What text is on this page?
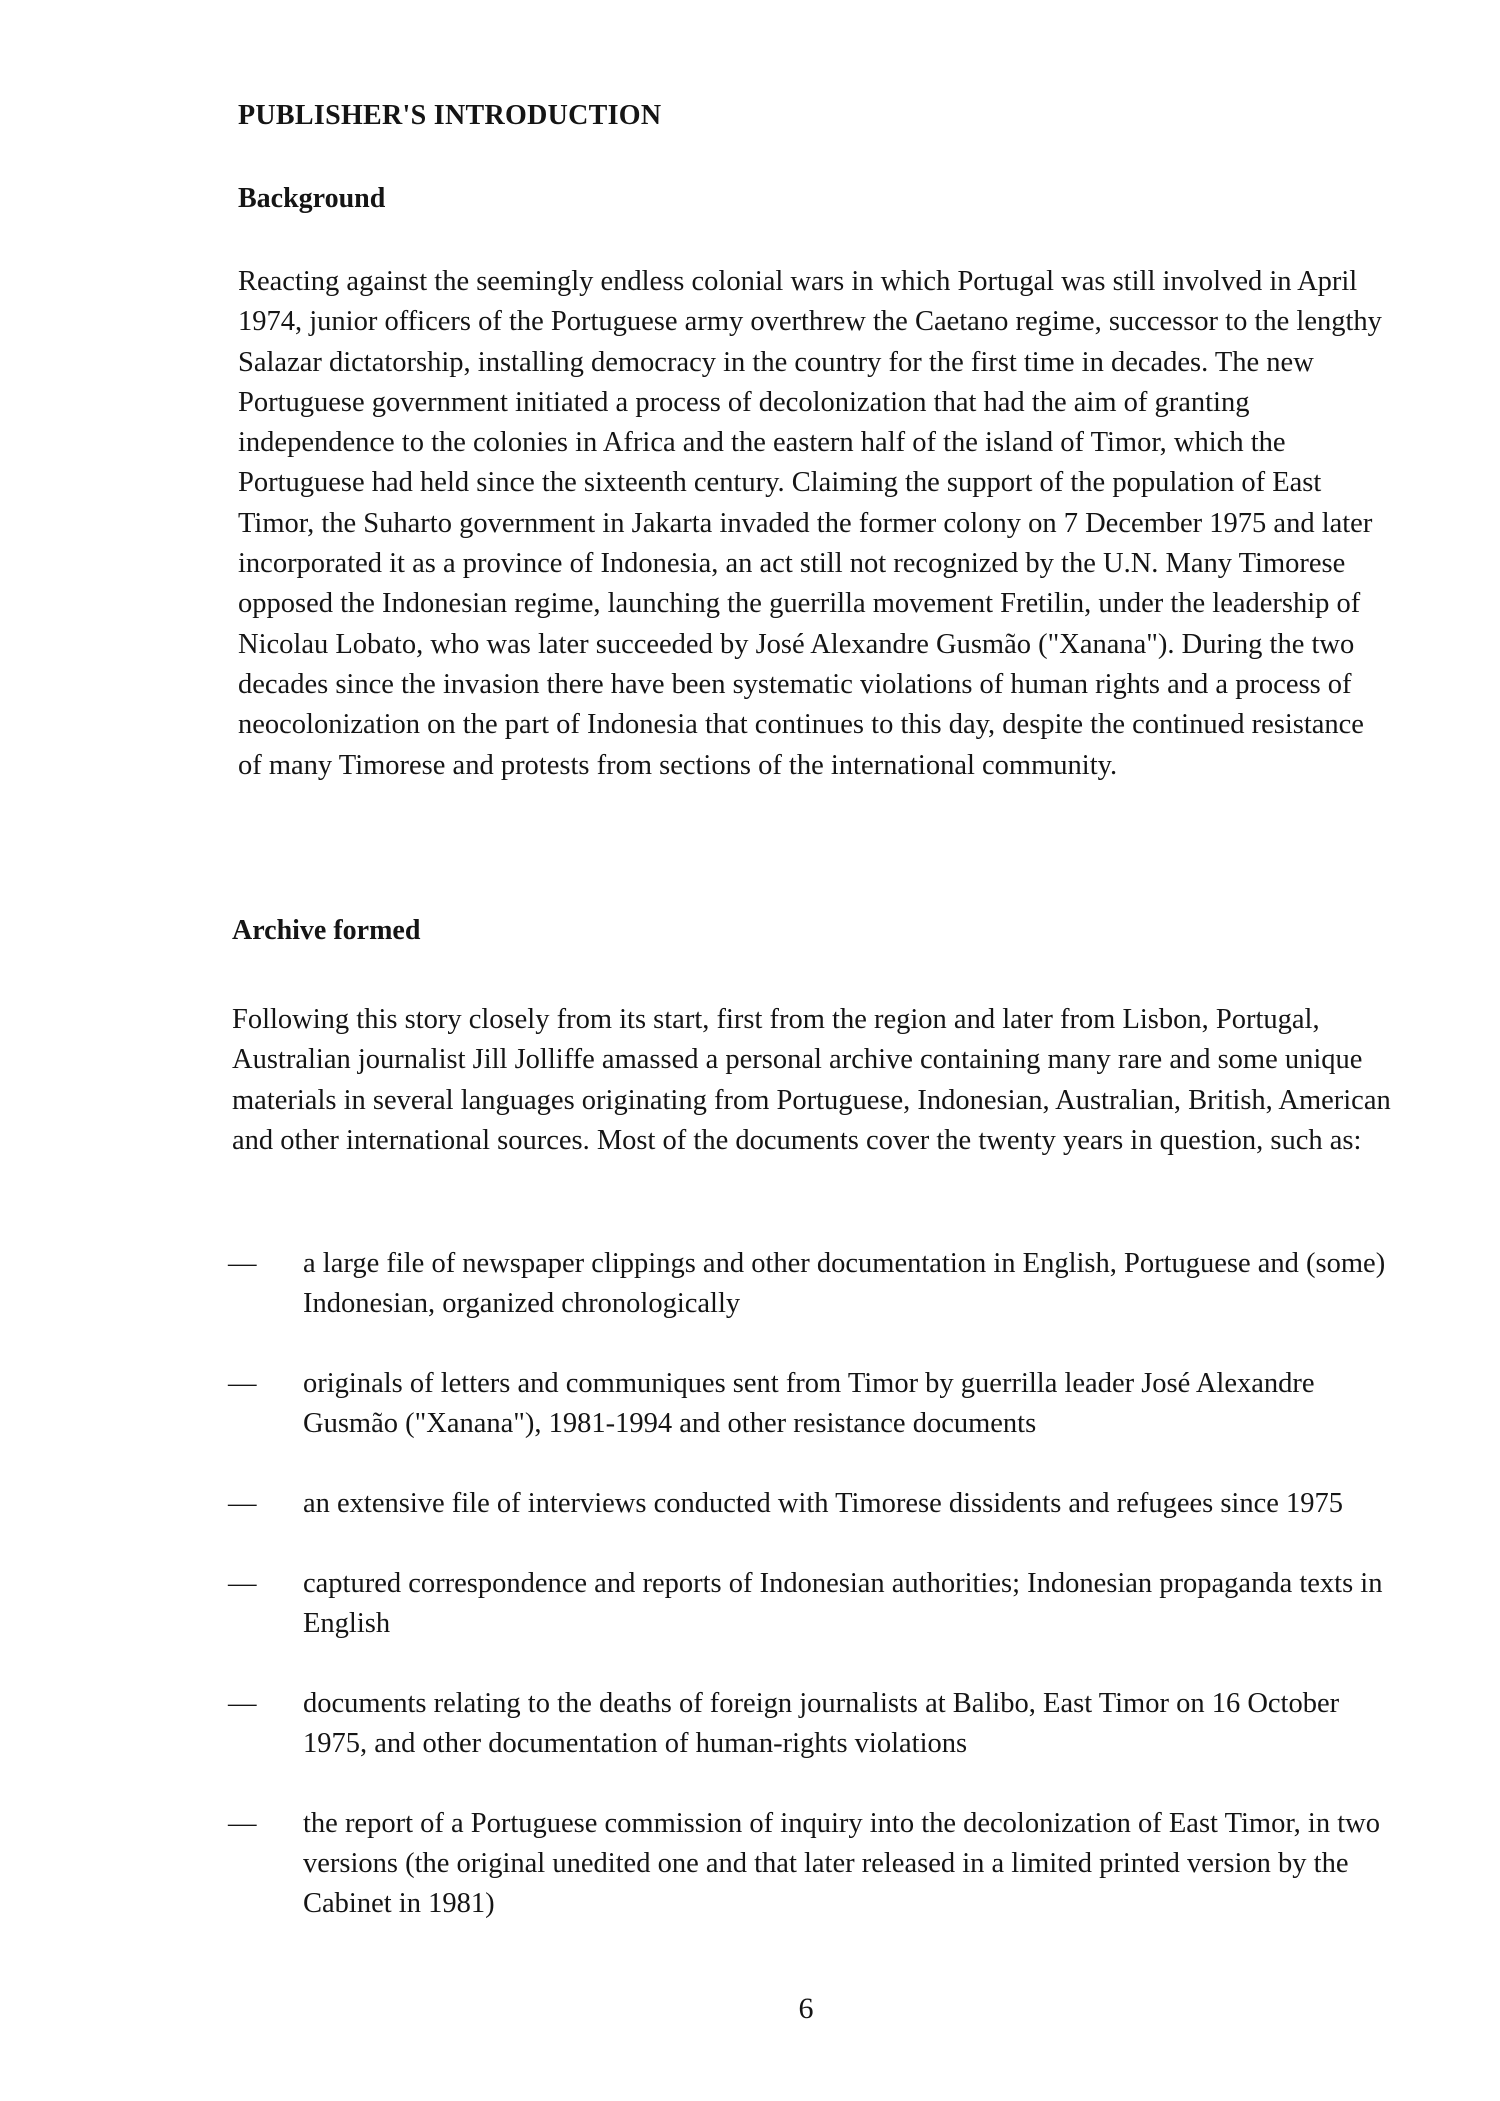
PUBLISHER'S INTRODUCTION
Background

Reacting against the seemingly endless colonial wars in which Portugal was still involved in April 1974, junior officers of the Portuguese army overthrew the Caetano regime, successor to the lengthy Salazar dictatorship, installing democracy in the country for the first time in decades. The new Portuguese government initiated a process of decolonization that had the aim of granting independence to the colonies in Africa and the eastern half of the island of Timor, which the Portuguese had held since the sixteenth century. Claiming the support of the population of East Timor, the Suharto government in Jakarta invaded the former colony on 7 December 1975 and later incorporated it as a province of Indonesia, an act still not recognized by the U.N. Many Timorese opposed the Indonesian regime, launching the guerrilla movement Fretilin, under the leadership of Nicolau Lobato, who was later succeeded by José Alexandre Gusmão ("Xanana"). During the two decades since the invasion there have been systematic violations of human rights and a process of neocolonization on the part of Indonesia that continues to this day, despite the continued resistance of many Timorese and protests from sections of the international community.

Archive formed

Following this story closely from its start, first from the region and later from Lisbon, Portugal, Australian journalist Jill Jolliffe amassed a personal archive containing many rare and some unique materials in several languages originating from Portuguese, Indonesian, Australian, British, American and other international sources. Most of the documents cover the twenty years in question, such as:

— a large file of newspaper clippings and other documentation in English, Portuguese and (some) Indonesian, organized chronologically
— originals of letters and communiques sent from Timor by guerrilla leader José Alexandre Gusmão ("Xanana"), 1981-1994 and other resistance documents
— an extensive file of interviews conducted with Timorese dissidents and refugees since 1975
— captured correspondence and reports of Indonesian authorities; Indonesian propaganda texts in English
— documents relating to the deaths of foreign journalists at Balibo, East Timor on 16 October 1975, and other documentation of human-rights violations
— the report of a Portuguese commission of inquiry into the decolonization of East Timor, in two versions (the original unedited one and that later released in a limited printed version by the Cabinet in 1981)

6
